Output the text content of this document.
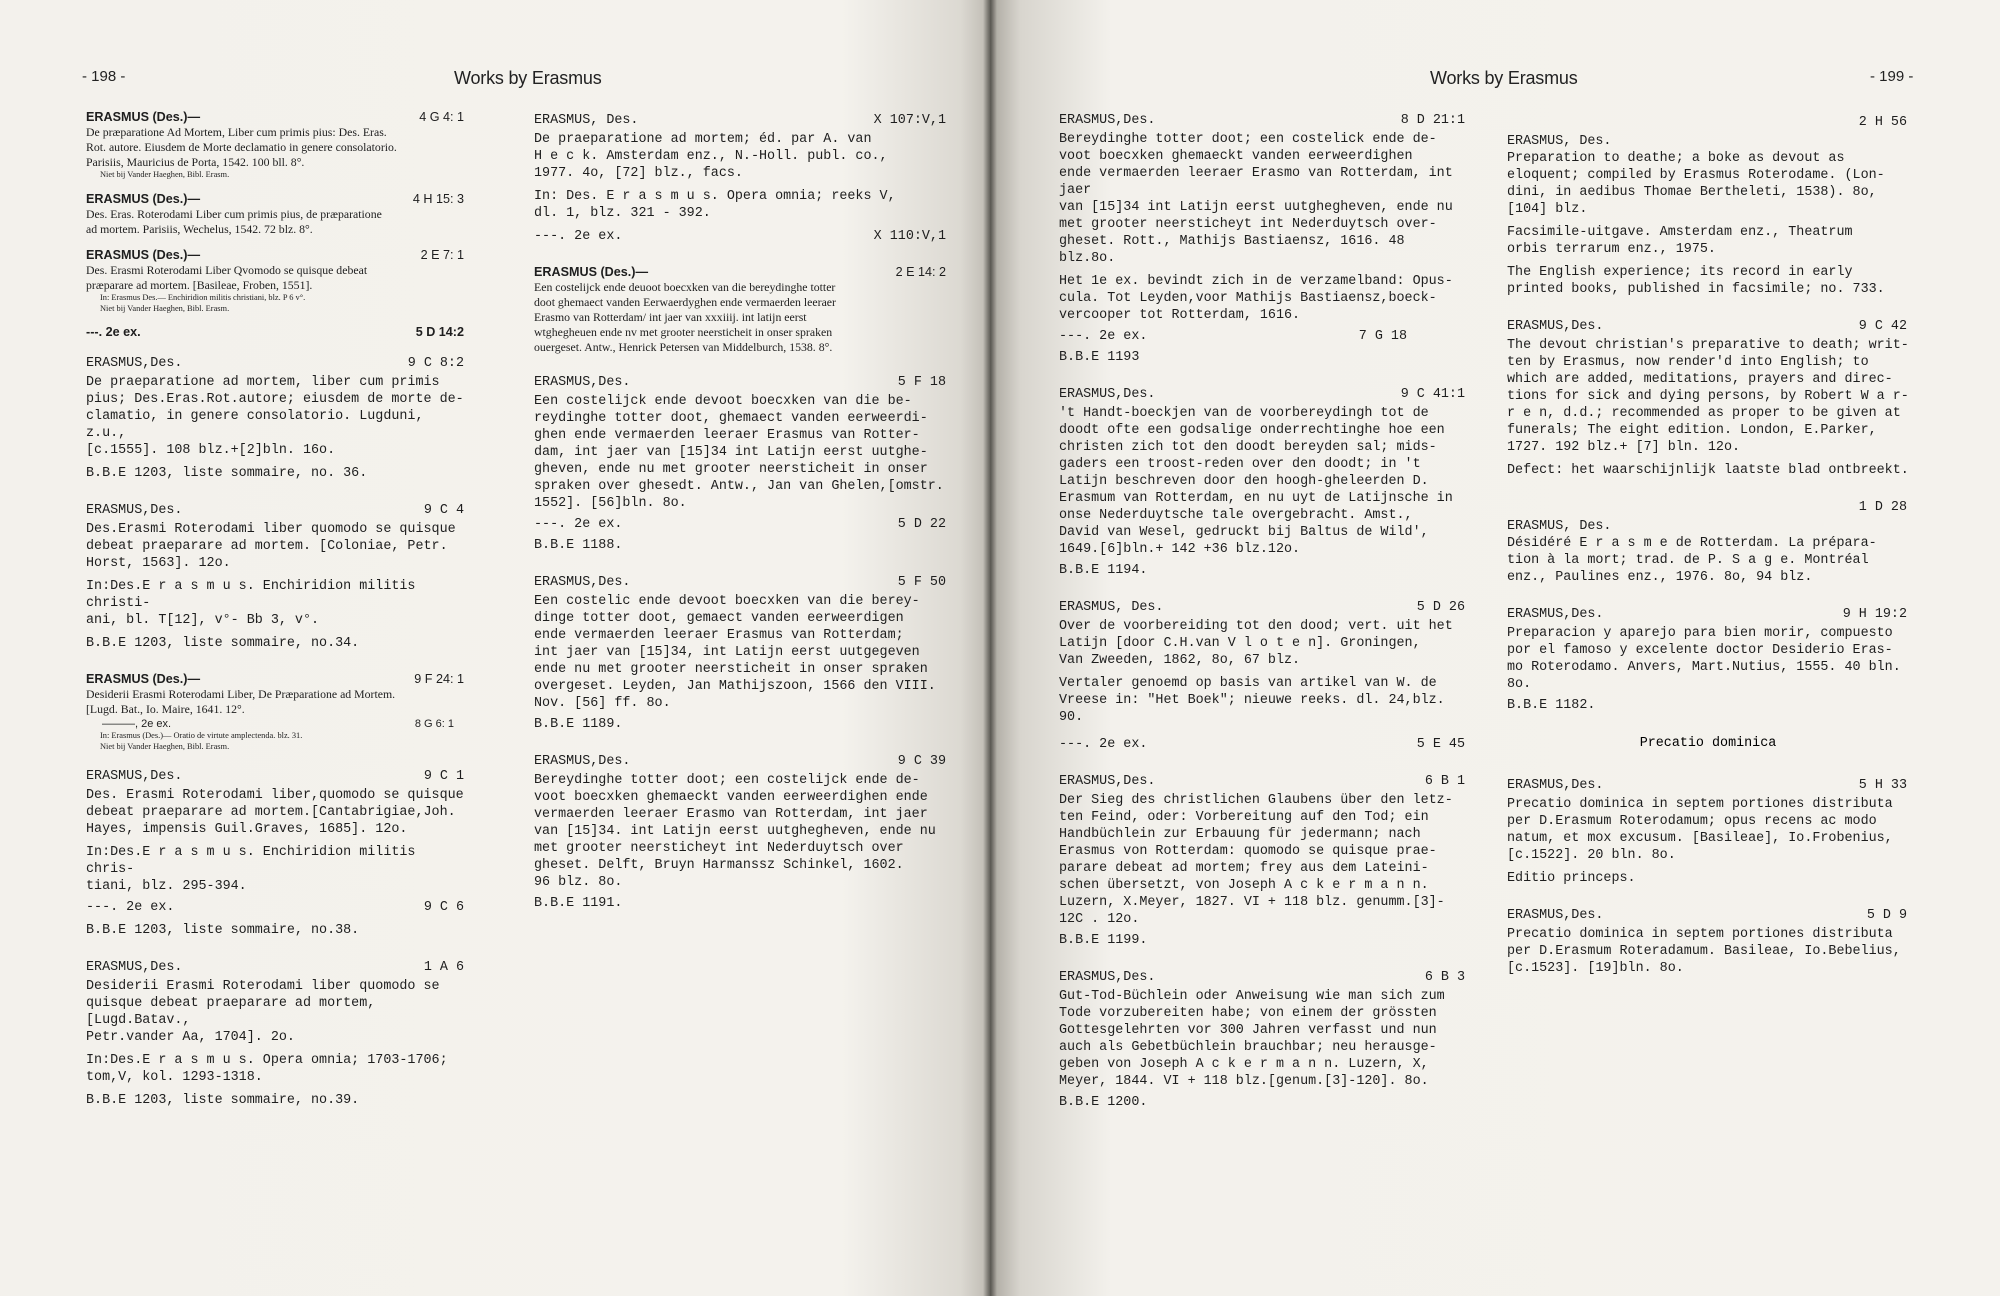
- 198 -	Works by Erasmus
ERASMUS (Des.)—	4 G 4: 1

De præparatione Ad Mortem, Liber cum primis pius: Des. Eras.

Rot. autore. Eiusdem de Morte declamatio in genere consolatorio.

Parisiis, Mauricius de Porta, 1542. 100 bll. 8°.

Niet bij Vander Haeghen, Bibl. Erasm.

ERASMUS (Des.)—	4 H 15: 3

Des. Eras. Roterodami Liber cum primis pius, de præparatione

ad mortem. Parisiis, Wechelus, 1542. 72 blz. 8°.

ERASMUS (Des.)—	2 E 7: 1

Des. Erasmi Roterodami Liber Qvomodo se quisque debeat

præparare ad mortem. [Basileae, Froben, 1551].

In: Erasmus Des.— Enchiridion militis christiani, blz. P 6 v°.

Niet bij Vander Haeghen, Bibl. Erasm.

---. 2e ex.	5 D 14:2
ERASMUS,Des.	9 C 8:2
De praeparatione ad mortem, liber cum primis
pius; Des.Eras.Rot.autore; eiusdem de morte de-
clamatio, in genere consolatorio. Lugduni, z.u.,
[c.1555]. 108 blz.+[2]bln. 16o.
B.B.E 1203, liste sommaire, no. 36.
ERASMUS,Des.	9 C 4
Des.Erasmi Roterodami liber quomodo se quisque
debeat praeparare ad mortem. [Coloniae, Petr.
Horst, 1563]. 12o.
In:Des.E r a s m u s. Enchiridion militis christi-
ani, bl. T[12], v°- Bb 3, v°.
B.B.E 1203, liste sommaire, no.34.
ERASMUS (Des.)—	9 F 24: 1

Desiderii Erasmi Roterodami Liber, De Præparatione ad Mortem.

[Lugd. Bat., Io. Maire, 1641. 12°.

———, 2e ex.	8 G 6: 1

In: Erasmus (Des.)— Oratio de virtute amplectenda. blz. 31.

Niet bij Vander Haeghen, Bibl. Erasm.

ERASMUS,Des.	9 C 1
Des. Erasmi Roterodami liber,quomodo se quisque
debeat praeparare ad mortem.[Cantabrigiae,Joh.
Hayes, impensis Guil.Graves, 1685]. 12o.
In:Des.E r a s m u s. Enchiridion militis chris-
tiani, blz. 295-394.
---. 2e ex.	9 C 6
B.B.E 1203, liste sommaire, no.38.
ERASMUS,Des.	1 A 6
Desiderii Erasmi Roterodami liber quomodo se
quisque debeat praeparare ad mortem,[Lugd.Batav.,
Petr.vander Aa, 1704]. 2o.
In:Des.E r a s m u s. Opera omnia; 1703-1706;
tom,V, kol. 1293-1318.
B.B.E 1203, liste sommaire, no.39.
ERASMUS, Des.	X 107:V,1
De praeparatione ad mortem; éd. par A. van
H e c k. Amsterdam enz., N.-Holl. publ. co.,
1977. 4o, [72] blz., facs.
In: Des. E r a s m u s. Opera omnia; reeks V,
dl. 1, blz. 321 - 392.
---. 2e ex.	X 110:V,1
ERASMUS (Des.)—	2 E 14: 2

Een costelijck ende deuoot boecxken van die bereydinghe totter

doot ghemaect vanden Eerwaerdyghen ende vermaerden leeraer

Erasmo van Rotterdam/ int jaer van xxxiiij. int latijn eerst

wtghegheuen ende nv met grooter neersticheit in onser spraken

ouergeset. Antw., Henrick Petersen van Middelburch, 1538. 8°.

ERASMUS,Des.	5 F 18
Een costelijck ende devoot boecxken van die be-
reydinghe totter doot, ghemaect vanden eerweerdi-
ghen ende vermaerden leeraer Erasmus van Rotter-
dam, int jaer van [15]34 int Latijn eerst uutghe-
gheven, ende nu met grooter neersticheit in onser
spraken over ghesedt. Antw., Jan van Ghelen,[omstr.
1552]. [56]bln. 8o.
---. 2e ex.	5 D 22
B.B.E 1188.
ERASMUS,Des.	5 F 50
Een costelic ende devoot boecxken van die berey-
dinge totter doot, gemaect vanden eerweerdigen
ende vermaerden leeraer Erasmus van Rotterdam;
int jaer van [15]34, int Latijn eerst uutgegeven
ende nu met grooter neersticheit in onser spraken
overgeset. Leyden, Jan Mathijszoon, 1566 den VIII.
Nov. [56] ff. 8o.
B.B.E 1189.
ERASMUS,Des.	9 C 39
Bereydinghe totter doot; een costelijck ende de-
voot boecxken ghemaeckt vanden eerweerdighen ende
vermaerden leeraer Erasmo van Rotterdam, int jaer
van [15]34. int Latijn eerst uutghegheven, ende nu
met grooter neersticheyt int Nederduytsch over
gheset. Delft, Bruyn Harmanssz Schinkel, 1602.
96 blz. 8o.
B.B.E 1191.
Works by Erasmus	- 199 -
ERASMUS,Des.	8 D 21:1
Bereydinghe totter doot; een costelick ende de-
voot boecxken ghemaeckt vanden eerweerdighen
ende vermaerden leeraer Erasmo van Rotterdam, int jaer
van [15]34 int Latijn eerst uutghegheven, ende nu
met grooter neersticheyt int Nederduytsch over-
gheset. Rott., Mathijs Bastiaensz, 1616. 48 blz.8o.
Het 1e ex. bevindt zich in de verzamelband: Opus-
cula. Tot Leyden,voor Mathijs Bastiaensz,boeck-
vercooper tot Rotterdam, 1616.
---. 2e ex.	7 G 18
B.B.E 1193
ERASMUS,Des.	9 C 41:1
't Handt-boeckjen van de voorbereydingh tot de
doodt ofte een godsalige onderrechtinghe hoe een
christen zich tot den doodt bereyden sal; mids-
gaders een troost-reden over den doodt; in 't
Latijn beschreven door den hoogh-gheleerden D.
Erasmum van Rotterdam, en nu uyt de Latijnsche in
onse Nederduytsche tale overgebracht. Amst.,
David van Wesel, gedruckt bij Baltus de Wild',
1649.[6]bln.+ 142 +36 blz.12o.
B.B.E 1194.
ERASMUS, Des.	5 D 26
Over de voorbereiding tot den dood; vert. uit het
Latijn [door C.H.van V l o t e n]. Groningen,
Van Zweeden, 1862, 8o, 67 blz.
Vertaler genoemd op basis van artikel van W. de
Vreese in: "Het Boek"; nieuwe reeks. dl. 24,blz.
90.
---. 2e ex.	5 E 45
ERASMUS,Des.	6 B 1
Der Sieg des christlichen Glaubens über den letz-
ten Feind, oder: Vorbereitung auf den Tod; ein
Handbüchlein zur Erbauung für jedermann; nach
Erasmus von Rotterdam: quomodo se quisque prae-
parare debeat ad mortem; frey aus dem Lateini-
schen übersetzt, von Joseph A c k e r m a n n.
Luzern, X.Meyer, 1827. VI + 118 blz. genumm.[3]-
12C . 12o.
B.B.E 1199.
ERASMUS,Des.	6 B 3
Gut-Tod-Büchlein oder Anweisung wie man sich zum
Tode vorzubereiten habe; von einem der grössten
Gottesgelehrten vor 300 Jahren verfasst und nun
auch als Gebetbüchlein brauchbar; neu herausge-
geben von Joseph A c k e r m a n n. Luzern, X,
Meyer, 1844. VI + 118 blz.[genum.[3]-120]. 8o.
B.B.E 1200.
2 H 56
ERASMUS, Des.
Preparation to deathe; a boke as devout as
eloquent; compiled by Erasmus Roterodame. (Lon-
dini, in aedibus Thomae Bertheleti, 1538). 8o,
[104] blz.
Facsimile-uitgave. Amsterdam enz., Theatrum
orbis terrarum enz., 1975.
The English experience; its record in early
printed books, published in facsimile; no. 733.
ERASMUS,Des.	9 C 42
The devout christian's preparative to death; writ-
ten by Erasmus, now render'd into English; to
which are added, meditations, prayers and direc-
tions for sick and dying persons, by Robert W a r-
r e n, d.d.; recommended as proper to be given at
funerals; The eight edition. London, E.Parker,
1727. 192 blz.+ [7] bln. 12o.
Defect: het waarschijnlijk laatste blad ontbreekt.
1 D 28
ERASMUS, Des.
Désidéré E r a s m e de Rotterdam. La prépara-
tion à la mort; trad. de P. S a g e. Montréal
enz., Paulines enz., 1976. 8o, 94 blz.
ERASMUS,Des.	9 H 19:2
Preparacion y aparejo para bien morir, compuesto
por el famoso y excelente doctor Desiderio Eras-
mo Roterodamo. Anvers, Mart.Nutius, 1555. 40 bln.
8o.
B.B.E 1182.
Precatio dominica
ERASMUS,Des.	5 H 33
Precatio dominica in septem portiones distributa
per D.Erasmum Roterodamum; opus recens ac modo
natum, et mox excusum. [Basileae], Io.Frobenius,
[c.1522]. 20 bln. 8o.
Editio princeps.
ERASMUS,Des.	5 D 9
Precatio dominica in septem portiones distributa
per D.Erasmum Roteradamum. Basileae, Io.Bebelius,
[c.1523]. [19]bln. 8o.
